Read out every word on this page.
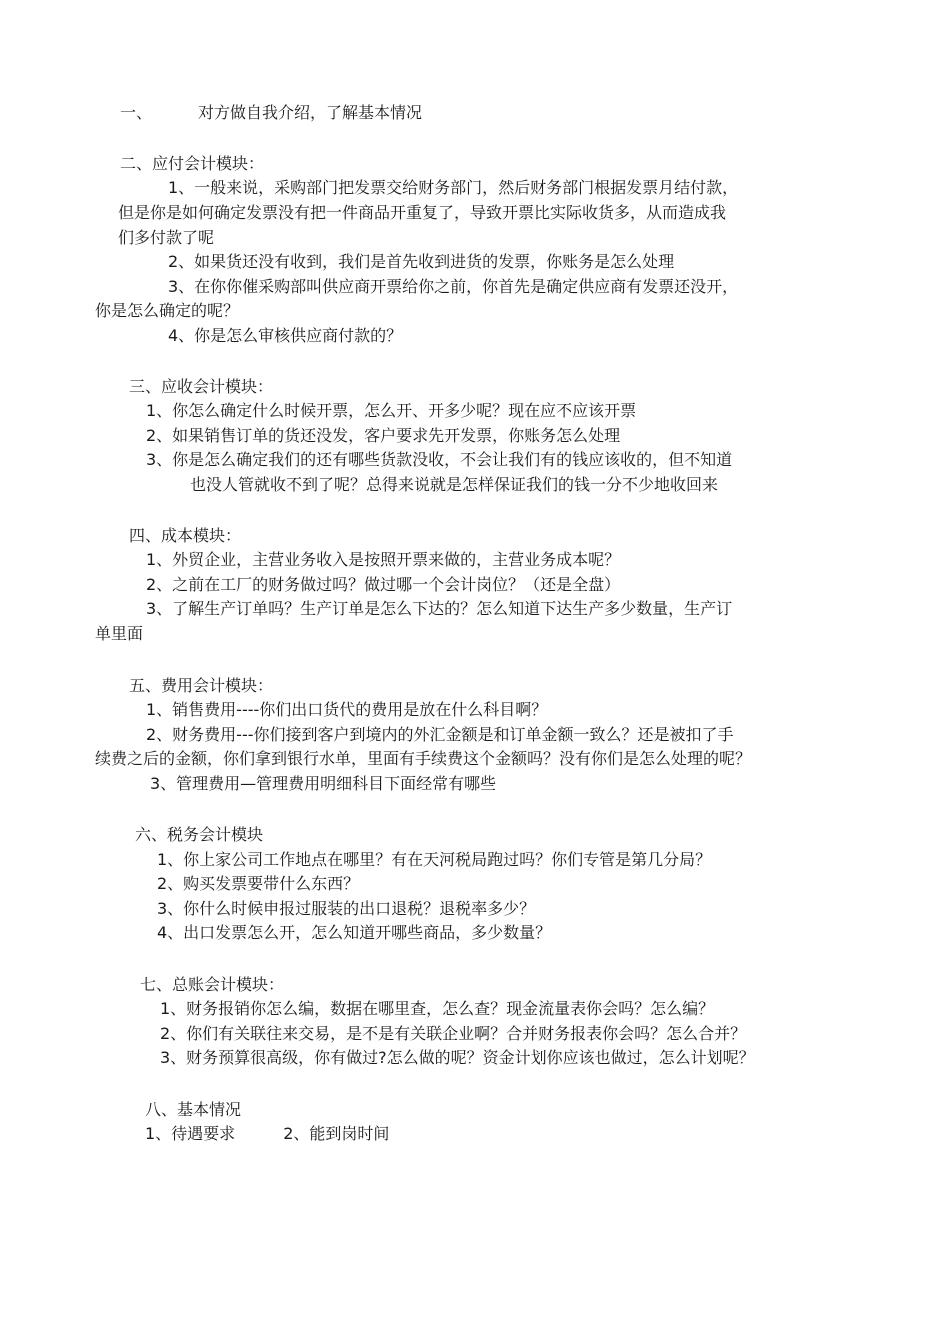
一、	对方做自我介绍，了解基本情况
二、应付会计模块：
1、一般来说，采购部门把发票交给财务部门，然后财务部门根据发票月结付款，
但是你是如何确定发票没有把一件商品开重复了，导致开票比实际收货多，从而造成我
们多付款了呢
2、如果货还没有收到，我们是首先收到进货的发票，你账务是怎么处理
3、在你你催采购部叫供应商开票给你之前，你首先是确定供应商有发票还没开，
你是怎么确定的呢？
4、你是怎么审核供应商付款的？
三、应收会计模块：
1、你怎么确定什么时候开票，怎么开、开多少呢？现在应不应该开票
2、如果销售订单的货还没发，客户要求先开发票，你账务怎么处理
3、你是怎么确定我们的还有哪些货款没收，不会让我们有的钱应该收的，但不知道
也没人管就收不到了呢？总得来说就是怎样保证我们的钱一分不少地收回来
四、成本模块：
1、外贸企业，主营业务收入是按照开票来做的，主营业务成本呢？
2、之前在工厂的财务做过吗？做过哪一个会计岗位？（还是全盘）
3、了解生产订单吗？生产订单是怎么下达的？怎么知道下达生产多少数量，生产订
单里面
五、费用会计模块：
1、销售费用----你们出口货代的费用是放在什么科目啊？
2、财务费用---你们接到客户到境内的外汇金额是和订单金额一致么？还是被扣了手
续费之后的金额，你们拿到银行水单，里面有手续费这个金额吗？没有你们是怎么处理的呢？
3、管理费用—管理费用明细科目下面经常有哪些
六、税务会计模块
1、你上家公司工作地点在哪里？有在天河税局跑过吗？你们专管是第几分局？
2、购买发票要带什么东西？
3、你什么时候申报过服装的出口退税？退税率多少？
4、出口发票怎么开，怎么知道开哪些商品，多少数量？
七、总账会计模块：
1、财务报销你怎么编，数据在哪里查，怎么查？现金流量表你会吗？怎么编？
2、你们有关联往来交易，是不是有关联企业啊？合并财务报表你会吗？怎么合并？
3、财务预算很高级，你有做过?怎么做的呢？资金计划你应该也做过，怎么计划呢？
八、基本情况
1、待遇要求	2、能到岗时间
